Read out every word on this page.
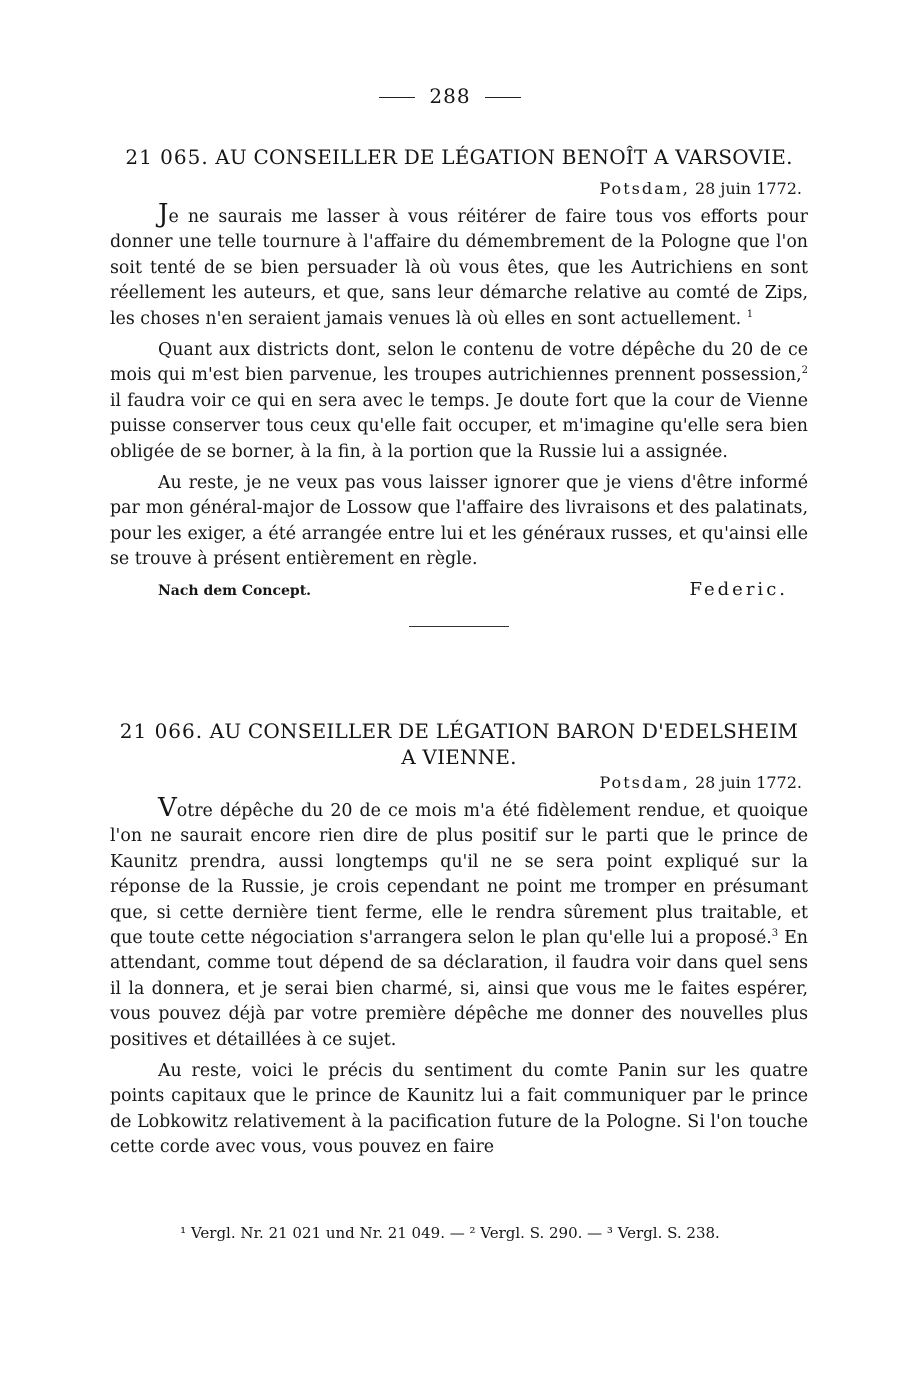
288
21 065. AU CONSEILLER DE LÉGATION BENOÎT A VARSOVIE.
Potsdam, 28 juin 1772.

Je ne saurais me lasser à vous réitérer de faire tous vos efforts pour donner une telle tournure à l'affaire du démembrement de la Pologne que l'on soit tenté de se bien persuader là où vous êtes, que les Autrichiens en sont réellement les auteurs, et que, sans leur démarche relative au comté de Zips, les choses n'en seraient jamais venues là où elles en sont actuellement. $^1$

Quant aux districts dont, selon le contenu de votre dépêche du 20 de ce mois qui m'est bien parvenue, les troupes autrichiennes prennent possession,$^2$ il faudra voir ce qui en sera avec le temps. Je doute fort que la cour de Vienne puisse conserver tous ceux qu'elle fait occuper, et m'imagine qu'elle sera bien obligée de se borner, à la fin, à la portion que la Russie lui a assignée.

Au reste, je ne veux pas vous laisser ignorer que je viens d'être informé par mon général-major de Lossow que l'affaire des livraisons et des palatinats, pour les exiger, a été arrangée entre lui et les généraux russes, et qu'ainsi elle se trouve à présent entièrement en règle.

Nach dem Concept.	Federic.
21 066. AU CONSEILLER DE LÉGATION BARON D'EDELSHEIM
A VIENNE.
Potsdam, 28 juin 1772.

Votre dépêche du 20 de ce mois m'a été fidèlement rendue, et quoique l'on ne saurait encore rien dire de plus positif sur le parti que le prince de Kaunitz prendra, aussi longtemps qu'il ne se sera point expliqué sur la réponse de la Russie, je crois cependant ne point me tromper en présumant que, si cette dernière tient ferme, elle le rendra sûrement plus traitable, et que toute cette négociation s'arrangera selon le plan qu'elle lui a proposé.$^3$ En attendant, comme tout dépend de sa déclaration, il faudra voir dans quel sens il la donnera, et je serai bien charmé, si, ainsi que vous me le faites espérer, vous pouvez déjà par votre première dépêche me donner des nouvelles plus positives et détaillées à ce sujet.

Au reste, voici le précis du sentiment du comte Panin sur les quatre points capitaux que le prince de Kaunitz lui a fait communiquer par le prince de Lobkowitz relativement à la pacification future de la Pologne. Si l'on touche cette corde avec vous, vous pouvez en faire

¹ Vergl. Nr. 21 021 und Nr. 21 049. — ² Vergl. S. 290. — ³ Vergl. S. 238.
